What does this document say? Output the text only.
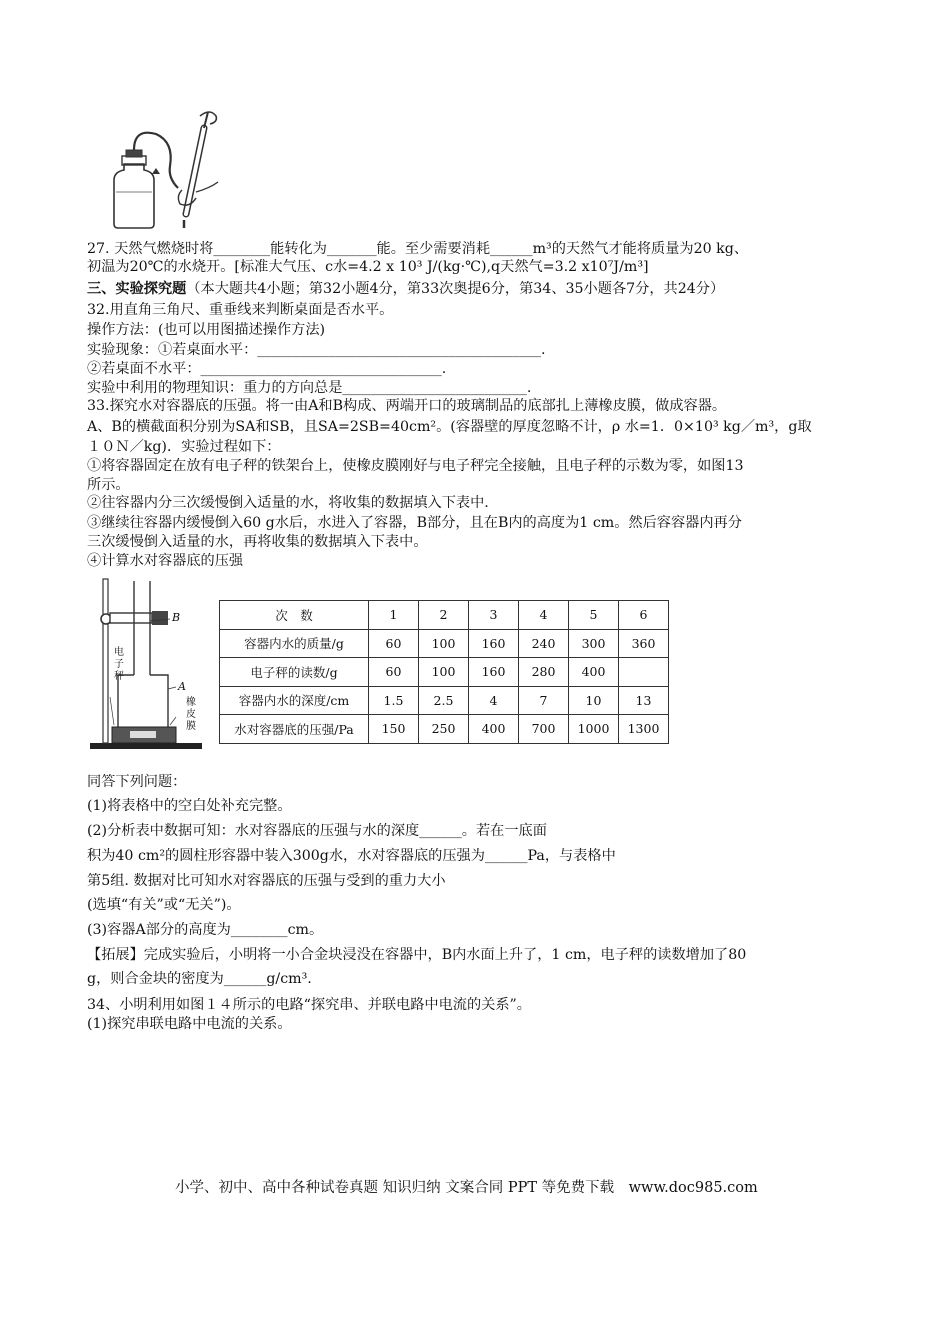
27. 天然气燃烧时将________能转化为_______能。至少需要消耗______m³的天然气才能将质量为20 kg、
初温为20℃的水烧开。[标准大气压、c水=4.2 x 10³ J/(kg·℃),q天然气=3.2 x10⁷J/m³]
三、实验探究题（本大题共4小题；第32小题4分，第33次奥提6分，第34、35小题各7分，共24分）
32.用直角三角尺、重垂线来判断桌面是否水平。
操作方法：(也可以用图描述操作方法)
实验现象：①若桌面水平：________________________________________.
②若桌面不水平：__________________________________.
实验中利用的物理知识：重力的方向总是__________________________.
33.探究水对容器底的压强。将一由A和B构成、两端开口的玻璃制品的底部扎上薄橡皮膜，做成容器。
A、B的横截面积分别为SA和SB，且SA=2SB=40cm²。(容器壁的厚度忽略不计，ρ 水=1．0×10³ kg／m³，g取
１０Ｎ／kg)．实验过程如下：
①将容器固定在放有电子秤的铁架台上，使橡皮膜刚好与电子秤完全接触，且电子秤的示数为零，如图13
所示。
②往容器内分三次缓慢倒入适量的水，将收集的数据填入下表中.
③继续往容器内缓慢倒入60 g水后，水进入了容器，B部分，且在B内的高度为1 cm。然后容容器内再分
三次缓慢倒入适量的水，再将收集的数据填入下表中。
④计算水对容器底的压强
电子秤
B
A
橡皮膜
次　数	1	2	3	4	5	6
容器内水的质量/g	60	100	160	240	300	360
电子秤的读数/g	60	100	160	280	400	
容器内水的深度/cm	1.5	2.5	4	7	10	13
水对容器底的压强/Pa	150	250	400	700	1000	1300
同答下列问题：
(1)将表格中的空白处补充完整。
(2)分析表中数据可知：水对容器底的压强与水的深度______。若在一底面
积为40 cm²的圆柱形容器中装入300g水，水对容器底的压强为______Pa，与表格中
第5组. 数据对比可知水对容器底的压强与受到的重力大小
(选填“有关”或“无关”)。
(3)容器A部分的高度为________cm。
【拓展】完成实验后，小明将一小合金块浸没在容器中，B内水面上升了，1 cm，电子秤的读数增加了80
g，则合金块的密度为______g/cm³.
34、小明利用如图１４所示的电路“探究串、并联电路中电流的关系”。
(1)探究串联电路中电流的关系。
小学、初中、高中各种试卷真题 知识归纳 文案合同 PPT 等免费下载　www.doc985.com
